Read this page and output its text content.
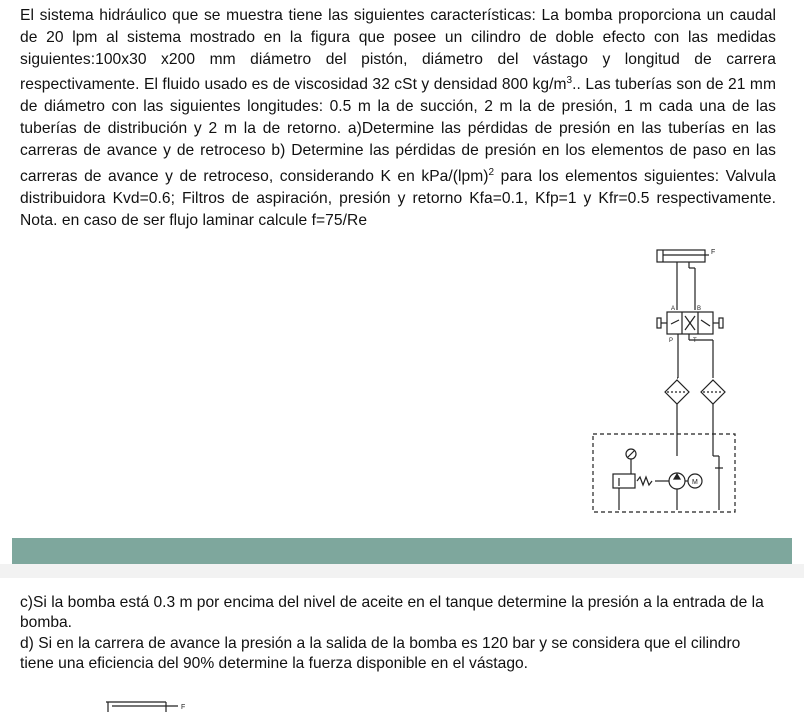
El sistema hidráulico que se muestra tiene las siguientes características: La bomba proporciona un caudal de 20 lpm al sistema mostrado en la figura que posee un cilindro de doble efecto con las medidas siguientes:100x30 x200 mm diámetro del pistón, diámetro del vástago y longitud de carrera respectivamente. El fluido usado es de viscosidad 32 cSt y densidad 800 $kg/m^3$.. Las tuberías son de 21 mm de diámetro con las siguientes longitudes: 0.5 m la de succión, 2 m la de presión, 1 m cada una de las tuberías de distribución y 2 m la de retorno. a)Determine las pérdidas de presión en las tuberías en las carreras de avance y de retroceso b) Determine las pérdidas de presión en los elementos de paso en las carreras de avance y de retroceso, considerando K en kPa/(lpm)$^2$ para los elementos siguientes: Valvula distribuidora Kvd=0.6; Filtros de aspiración, presión y retorno Kfa=0.1, Kfp=1 y Kfr=0.5 respectivamente. Nota. en caso de ser flujo laminar calcule f=75/Re
F
A	B
P	T
M
c)Si la bomba está 0.3 m por encima del nivel de aceite en el tanque determine la presión a la entrada de la bomba.
d) Si en la carrera de avance la presión a la salida de la bomba es 120 bar y se considera que el cilindro tiene una eficiencia del 90% determine la fuerza disponible en el vástago.
F
